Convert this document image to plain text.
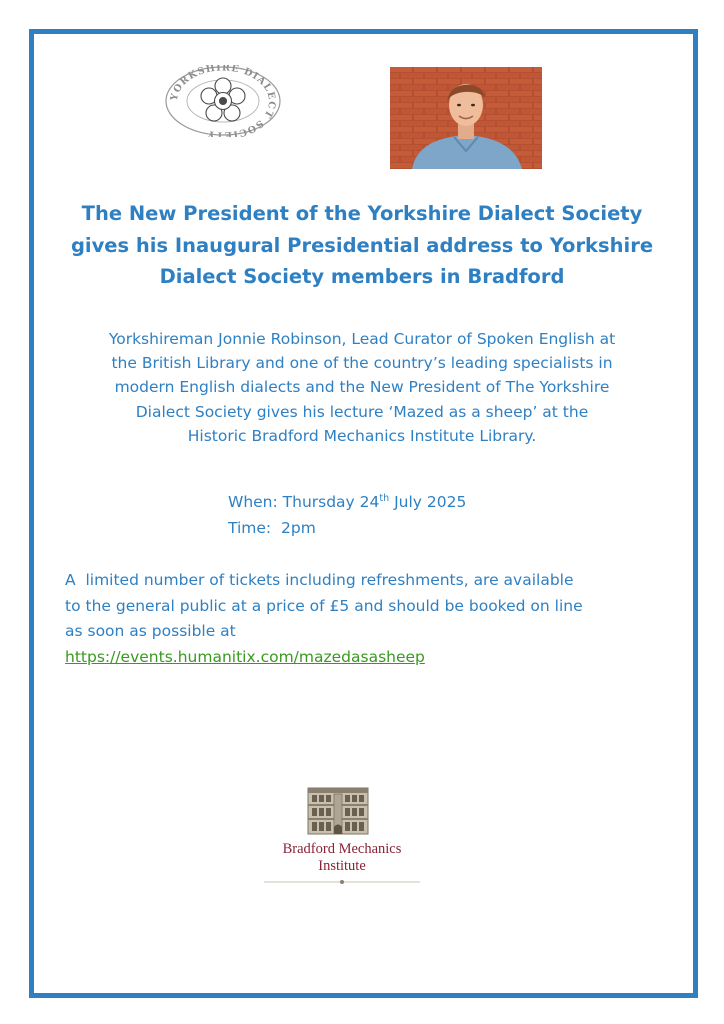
YORKSHIRE DIALECT SOCIETY
The New President of the Yorkshire Dialect Society
gives his Inaugural Presidential address to Yorkshire
Dialect Society members in Bradford

Yorkshireman Jonnie Robinson, Lead Curator of Spoken English at
the British Library and one of the country’s leading specialists in
modern English dialects and the New President of The Yorkshire
Dialect Society gives his lecture ‘Mazed as a sheep’ at the
Historic Bradford Mechanics Institute Library.

When: Thursday 24th July 2025
Time:  2pm

A  limited number of tickets including refreshments, are available
to the general public at a price of £5 and should be booked on line
as soon as possible at
https://events.humanitix.com/mazedasasheep

Bradford Mechanics
Institute
